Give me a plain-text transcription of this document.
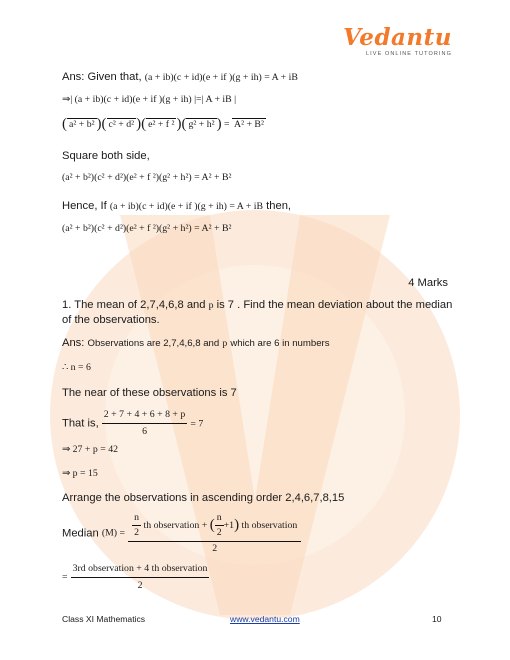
Vedantu
LIVE ONLINE TUTORING
Ans: Given that, (a + ib)(c + id)(e + if )(g + ih) = A + iB
⇒| (a + ib)(c + id)(e + if )(g + ih) |=| A + iB |
( a² + b² )( c² + d² )( e² + f ² )( g² + h² ) = A² + B²
Square both side,
(a² + b²)(c² + d²)(e² + f ²)(g² + h²) = A² + B²
Hence, If (a + ib)(c + id)(e + if )(g + ih) = A + iB then,
(a² + b²)(c² + d²)(e² + f ²)(g² + h²) = A² + B²
4 Marks
1. The mean of 2,7,4,6,8 and p is 7 . Find the mean deviation about the median
of the observations.
Ans: Observations are 2,7,4,6,8 and p which are 6 in numbers
∴ n = 6
The near of these observations is 7
That is, $\frac{2 + 7 + 4 + 6 + 8 + p}{6} = 7$
⇒ 27 + p = 42
⇒ p = 15
Arrange the observations in ascending order 2,4,6,7,8,15
Median $(M) = \frac{n}{2}$ th observation + ( $\frac{n}{2} +1$) th observation
2
= $\frac{\text{3rd observation + 4 th observation}}{2}$
Class XI Mathematics	www.vedantu.com	10
